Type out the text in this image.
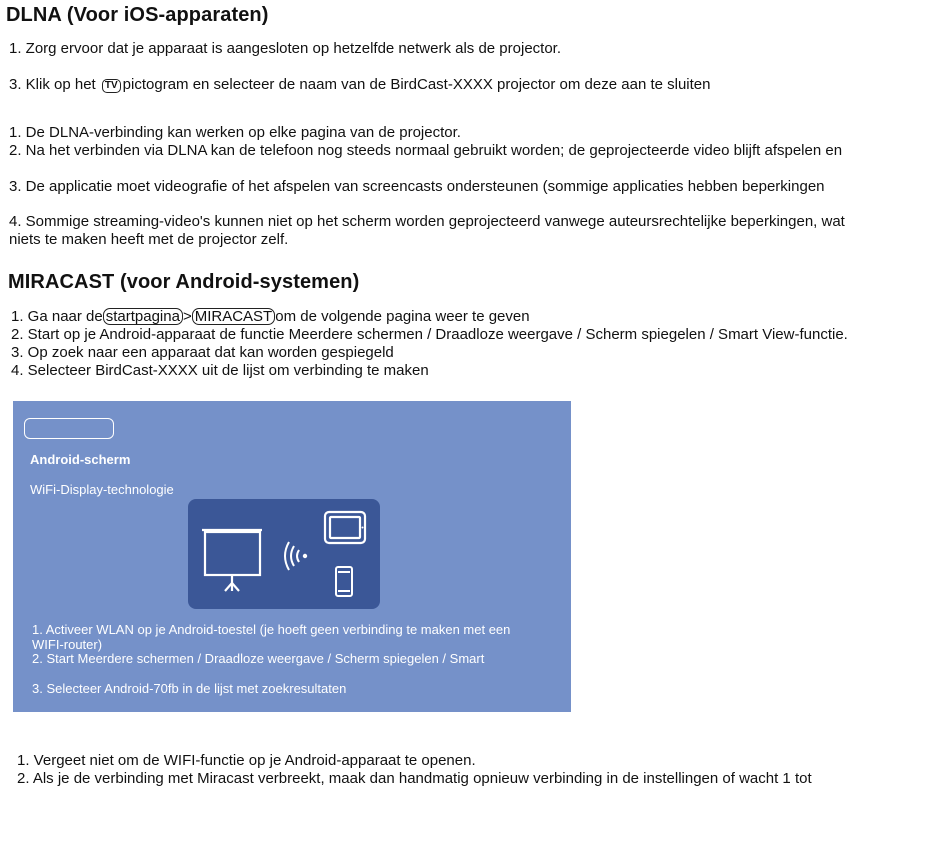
DLNA (Voor iOS-apparaten)
1. Zorg ervoor dat je apparaat is aangesloten op hetzelfde netwerk als de projector.
3. Klik op het TV pictogram en selecteer de naam van de BirdCast-XXXX projector om deze aan te sluiten
1. De DLNA-verbinding kan werken op elke pagina van de projector.
2. Na het verbinden via DLNA kan de telefoon nog steeds normaal gebruikt worden; de geprojecteerde video blijft afspelen en
3. De applicatie moet videografie of het afspelen van screencasts ondersteunen (sommige applicaties hebben beperkingen
4. Sommige streaming-video's kunnen niet op het scherm worden geprojecteerd vanwege auteursrechtelijke beperkingen, wat
niets te maken heeft met de projector zelf.
MIRACAST (voor Android-systemen)
1. Ga naar de startpagina > MIRACAST om de volgende pagina weer te geven
2. Start op je Android-apparaat de functie Meerdere schermen / Draadloze weergave / Scherm spiegelen / Smart View-functie.
3. Op zoek naar een apparaat dat kan worden gespiegeld
4. Selecteer BirdCast-XXXX uit de lijst om verbinding te maken
Android-scherm
WiFi-Display-technologie
1. Activeer WLAN op je Android-toestel (je hoeft geen verbinding te maken met een
WIFI-router)
2. Start Meerdere schermen / Draadloze weergave / Scherm spiegelen / Smart
3. Selecteer Android-70fb in de lijst met zoekresultaten
1. Vergeet niet om de WIFI-functie op je Android-apparaat te openen.
2. Als je de verbinding met Miracast verbreekt, maak dan handmatig opnieuw verbinding in de instellingen of wacht 1 tot
